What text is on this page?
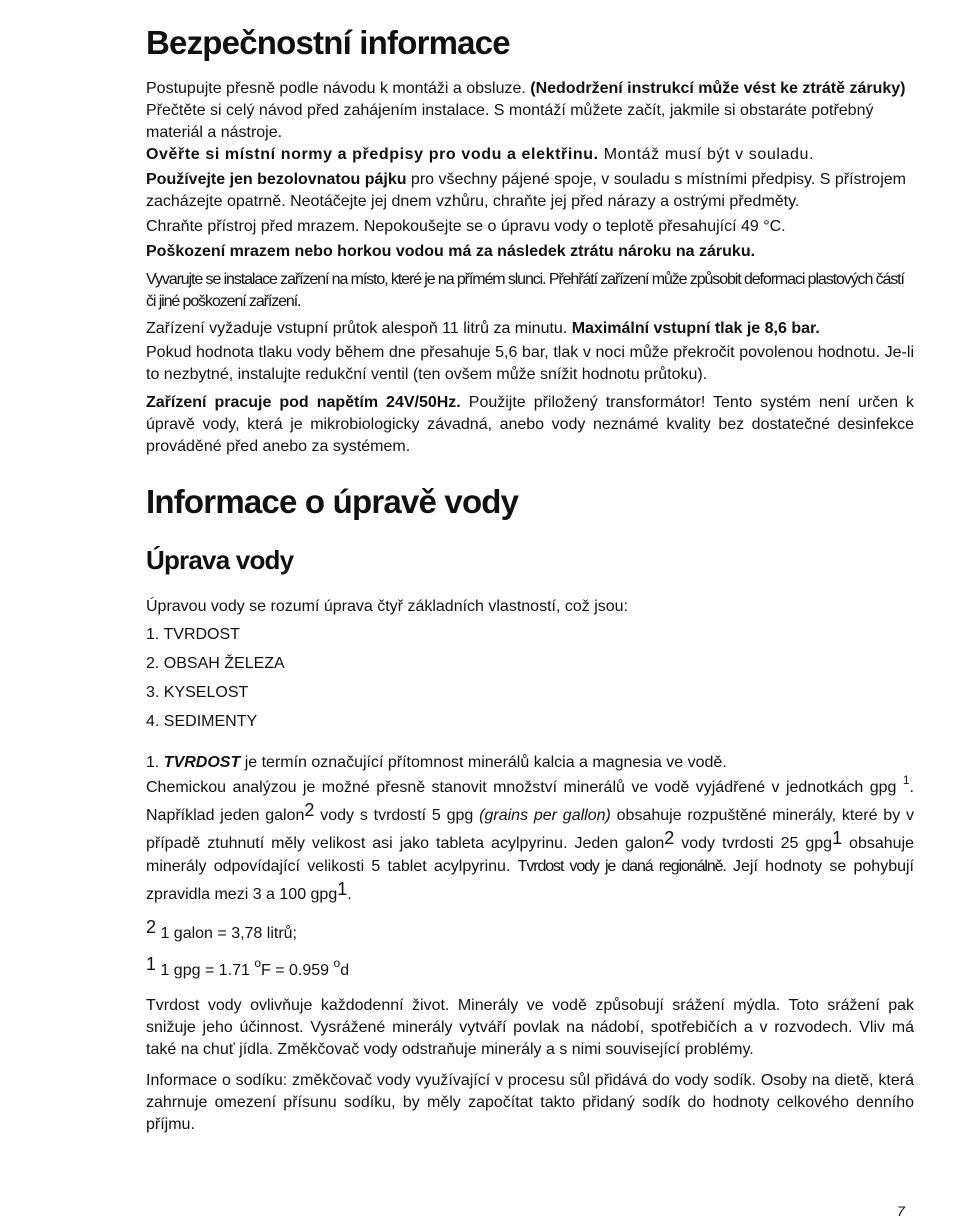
Bezpečnostní informace

Postupujte přesně podle návodu k montáži a obsluze. (Nedodržení instrukcí může vést ke ztrátě záruky)

Přečtěte si celý návod před zahájením instalace. S montáží můžete začít, jakmile si obstaráte potřebný materiál a nástroje.

Ověřte si místní normy a předpisy pro vodu a elektřinu. Montáž musí být v souladu.

Používejte jen bezolovnatou pájku pro všechny pájené spoje, v souladu s místními předpisy. S přístrojem zacházejte opatrně. Neotáčejte jej dnem vzhůru, chraňte jej před nárazy a ostrými předměty.

Chraňte přístroj před mrazem. Nepokoušejte se o úpravu vody o teplotě přesahující 49 °C.

Poškození mrazem nebo horkou vodou má za následek ztrátu nároku na záruku.

Vyvarujte se instalace zařízení na místo, které je na přímém slunci. Přehřátí zařízení může způsobit deformaci plastových částí či jiné poškození zařízení.

Zařízení vyžaduje vstupní průtok alespoň 11 litrů za minutu. Maximální vstupní tlak je 8,6 bar.

Pokud hodnota tlaku vody během dne přesahuje 5,6 bar, tlak v noci může překročit povolenou hodnotu. Je-li to nezbytné, instalujte redukční ventil (ten ovšem může snížit hodnotu průtoku).

Zařízení pracuje pod napětím 24V/50Hz. Použijte přiložený transformátor! Tento systém není určen k úpravě vody, která je mikrobiologicky závadná, anebo vody neznámé kvality bez dostatečné desinfekce prováděné před anebo za systémem.

Informace o úpravě vody
Úprava vody

Úpravou vody se rozumí úprava čtyř základních vlastností, což jsou:

1. TVRDOST
2. OBSAH ŽELEZA
3. KYSELOST
4. SEDIMENTY

1. TVRDOST je termín označující přítomnost minerálů kalcia a magnesia ve vodě.

Chemickou analýzou je možné přesně stanovit množství minerálů ve vodě vyjádřené v jednotkách gpg $^1$. Například jeden galon2 vody s tvrdostí 5 gpg (grains per gallon) obsahuje rozpuštěné minerály, které by v případě ztuhnutí měly velikost asi jako tableta acylpyrinu. Jeden galon2 vody tvrdosti 25 gpg1 obsahuje minerály odpovídající velikosti 5 tablet acylpyrinu. Tvrdost vody je daná regionálně. Její hodnoty se pohybují zpravidla mezi 3 a 100 gpg1.

2 1 galon = 3,78 litrů;

1 1 gpg = 1.71 $^o$F = 0.959 $^o$d

Tvrdost vody ovlivňuje každodenní život. Minerály ve vodě způsobují srážení mýdla. Toto srážení pak snižuje jeho účinnost. Vysrážené minerály vytváří povlak na nádobí, spotřebičích a v rozvodech. Vliv má také na chuť jídla. Změkčovač vody odstraňuje minerály a s nimi související problémy.

Informace o sodíku: změkčovač vody využívající v procesu sůl přidává do vody sodík. Osoby na dietě, která zahrnuje omezení přísunu sodíku, by měly započítat takto přidaný sodík do hodnoty celkového denního příjmu.

7
